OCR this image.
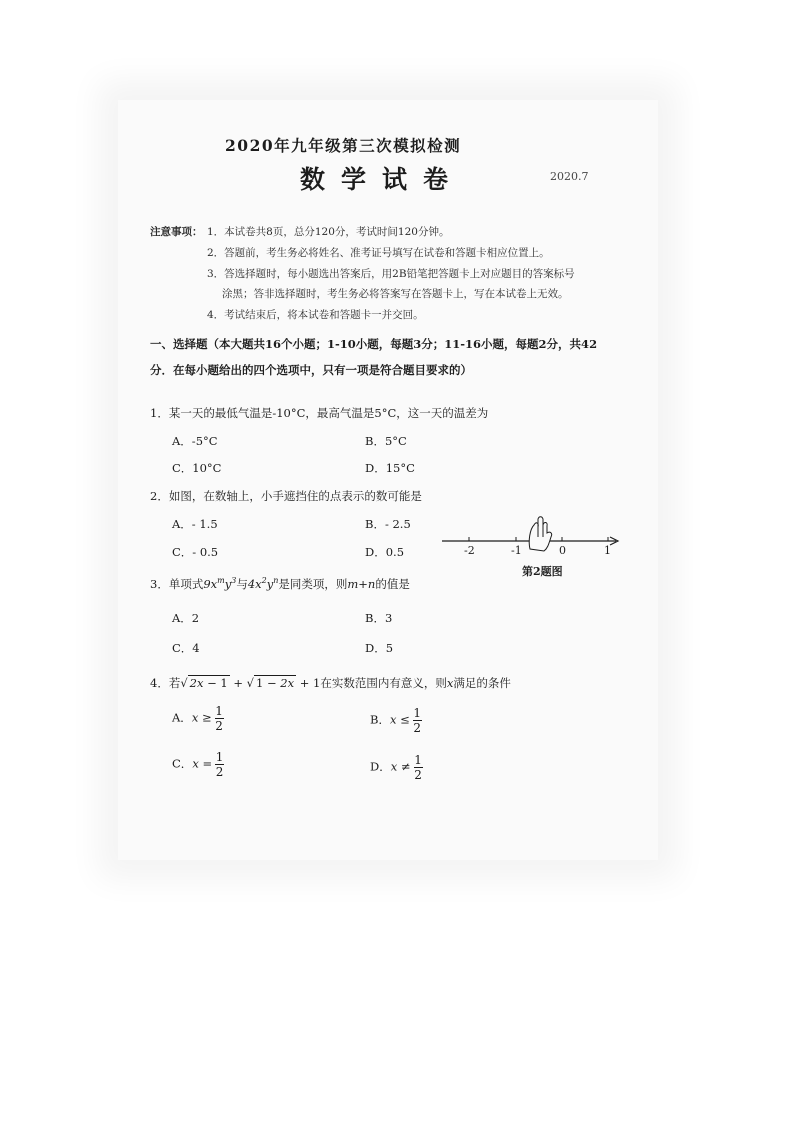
2020年九年级第三次模拟检测
数学试卷	2020.7
注意事项： 1．本试卷共8页，总分120分，考试时间120分钟。
2．答题前，考生务必将姓名、准考证号填写在试卷和答题卡相应位置上。
3．答选择题时，每小题选出答案后，用2B铅笔把答题卡上对应题目的答案标号
涂黑；答非选择题时，考生务必将答案写在答题卡上，写在本试卷上无效。
4．考试结束后，将本试卷和答题卡一并交回。
一、选择题（本大题共16个小题；1-10小题，每题3分；11-16小题，每题2分，共42
分．在每小题给出的四个选项中，只有一项是符合题目要求的）
1．某一天的最低气温是-10°C，最高气温是5°C，这一天的温差为
A．-5°C	B．5°C
C．10°C	D．15°C
2．如图，在数轴上，小手遮挡住的点表示的数可能是
A．- 1.5	B．- 2.5
C．- 0.5	D．0.5	-2	-1	0	1
第2题图
3．单项式$9x^my^3$与$4x^2y^n$是同类项，则m+n的值是
A．2	B．3
C．4	D．5
4．若√ 2x − 1 + √ 1 − 2x + 1在实数范围内有意义，则x满足的条件
A．$x \ge \frac{1}{2}$	B．$x \le \frac{1}{2}$
C．$x = \frac{1}{2}$	D．$x \ne \frac{1}{2}$
